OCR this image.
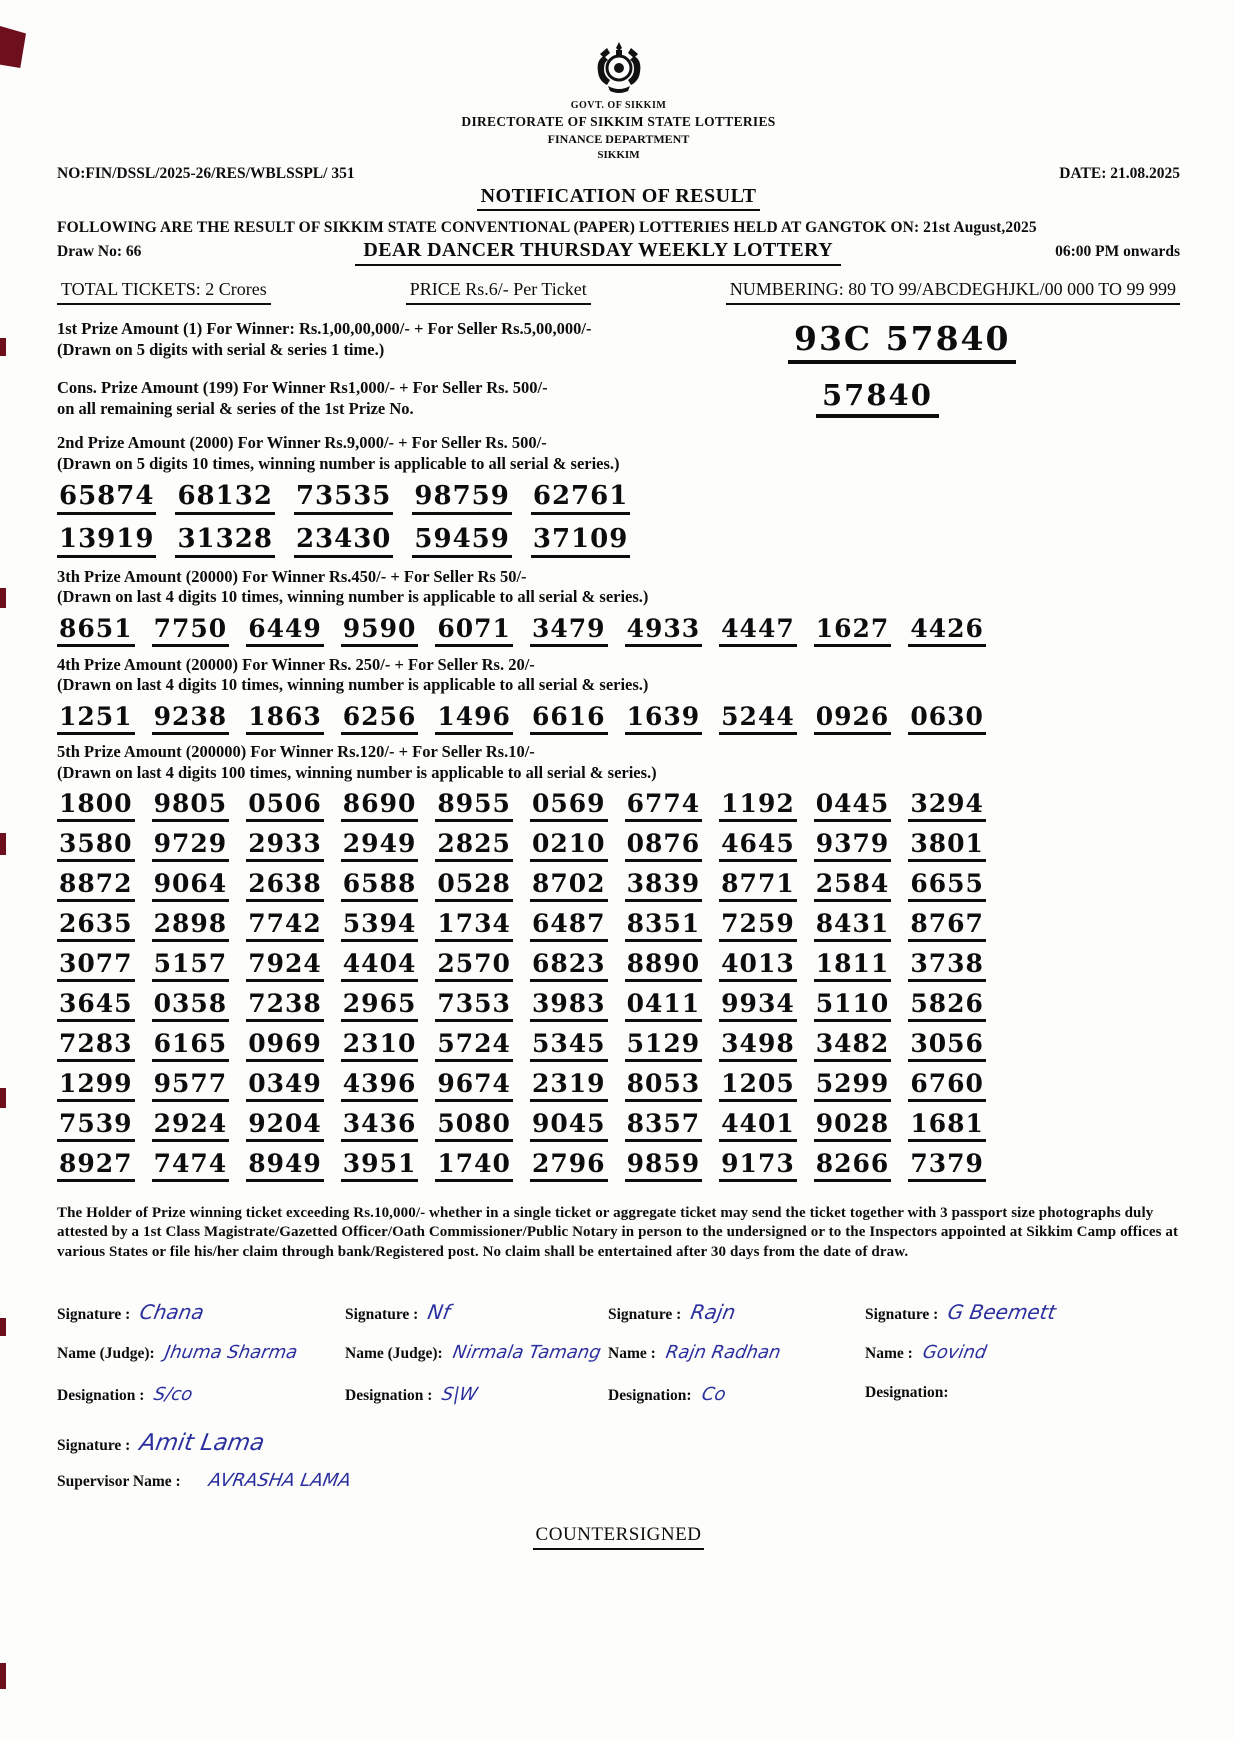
GOVT. OF SIKKIM
DIRECTORATE OF SIKKIM STATE LOTTERIES
FINANCE DEPARTMENT
SIKKIM
NO:FIN/DSSL/2025-26/RES/WBLSSPL/ 351	DATE: 21.08.2025
NOTIFICATION OF RESULT
FOLLOWING ARE THE RESULT OF SIKKIM STATE CONVENTIONAL (PAPER) LOTTERIES HELD AT GANGTOK ON: 21st August,2025
Draw No: 66	DEAR DANCER THURSDAY WEEKLY LOTTERY	06:00 PM onwards
TOTAL TICKETS: 2 Crores	PRICE Rs.6/- Per Ticket	NUMBERING: 80 TO 99/ABCDEGHJKL/00 000 TO 99 999
1st Prize Amount (1) For Winner: Rs.1,00,00,000/- + For Seller Rs.5,00,000/-
(Drawn on 5 digits with serial & series 1 time.)	93C 57840
Cons. Prize Amount (199) For Winner Rs1,000/- + For Seller Rs. 500/-
on all remaining serial & series of the 1st Prize No.	57840
2nd Prize Amount (2000) For Winner Rs.9,000/- + For Seller Rs. 500/-
(Drawn on 5 digits 10 times, winning number is applicable to all serial & series.)
65874 68132 73535 98759 62761
13919 31328 23430 59459 37109
3th Prize Amount (20000) For Winner Rs.450/- + For Seller Rs 50/-
(Drawn on last 4 digits 10 times, winning number is applicable to all serial & series.)
8651 7750 6449 9590 6071 3479 4933 4447 1627 4426
4th Prize Amount (20000) For Winner Rs. 250/- + For Seller Rs. 20/-
(Drawn on last 4 digits 10 times, winning number is applicable to all serial & series.)
1251 9238 1863 6256 1496 6616 1639 5244 0926 0630
5th Prize Amount (200000) For Winner Rs.120/- + For Seller Rs.10/-
(Drawn on last 4 digits 100 times, winning number is applicable to all serial & series.)
1800 9805 0506 8690 8955 0569 6774 1192 0445 3294
3580 9729 2933 2949 2825 0210 0876 4645 9379 3801
8872 9064 2638 6588 0528 8702 3839 8771 2584 6655
2635 2898 7742 5394 1734 6487 8351 7259 8431 8767
3077 5157 7924 4404 2570 6823 8890 4013 1811 3738
3645 0358 7238 2965 7353 3983 0411 9934 5110 5826
7283 6165 0969 2310 5724 5345 5129 3498 3482 3056
1299 9577 0349 4396 9674 2319 8053 1205 5299 6760
7539 2924 9204 3436 5080 9045 8357 4401 9028 1681
8927 7474 8949 3951 1740 2796 9859 9173 8266 7379

The Holder of Prize winning ticket exceeding Rs.10,000/- whether in a single ticket or aggregate ticket may send the ticket together with 3 passport size photographs duly attested by a 1st Class Magistrate/Gazetted Officer/Oath Commissioner/Public Notary in person to the undersigned or to the Inspectors appointed at Sikkim Camp offices at various States or file his/her claim through bank/Registered post. No claim shall be entertained after 30 days from the date of draw.

Signature : Chana
Name (Judge): Jhuma Sharma
Designation : S/co
Signature : Nf
Name (Judge): Nirmala Tamang
Designation : S|W
Signature : Rajn
Name : Rajn Radhan
Designation: Co
Signature : G Beemett
Name : Govind
Designation:
Signature : Amit Lama
Supervisor Name : AVRASHA LAMA
COUNTERSIGNED
